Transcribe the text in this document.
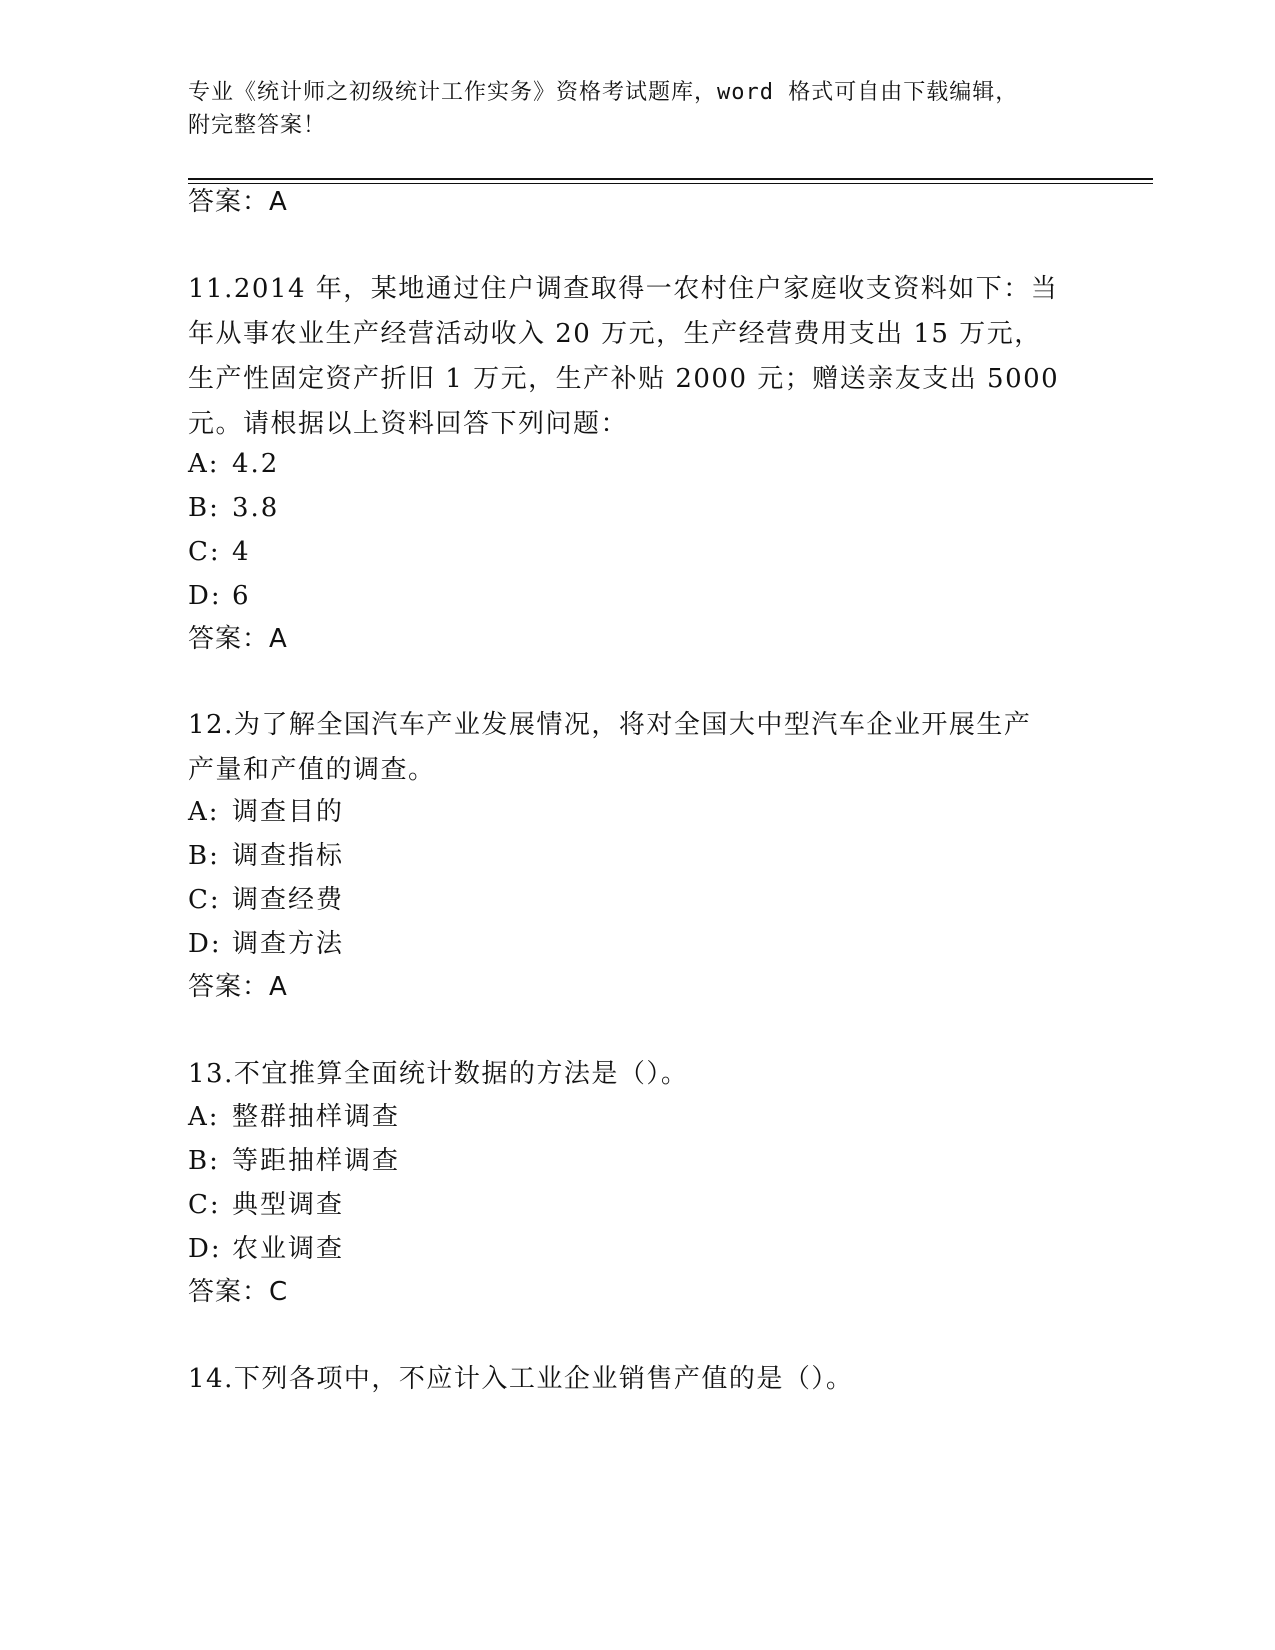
专业《统计师之初级统计工作实务》资格考试题库，word 格式可自由下载编辑，
附完整答案！
答案：A
11.2014 年，某地通过住户调查取得一农村住户家庭收支资料如下：当
年从事农业生产经营活动收入 20 万元，生产经营费用支出 15 万元，
生产性固定资产折旧 1 万元，生产补贴 2000 元；赠送亲友支出 5000
元。请根据以上资料回答下列问题：
A: 4.2
B: 3.8
C: 4
D: 6
答案：A
12.为了解全国汽车产业发展情况，将对全国大中型汽车企业开展生产
产量和产值的调查。
A: 调查目的
B: 调查指标
C: 调查经费
D: 调查方法
答案：A
13.不宜推算全面统计数据的方法是（）。
A: 整群抽样调查
B: 等距抽样调查
C: 典型调查
D: 农业调查
答案：C
14.下列各项中，不应计入工业企业销售产值的是（）。
